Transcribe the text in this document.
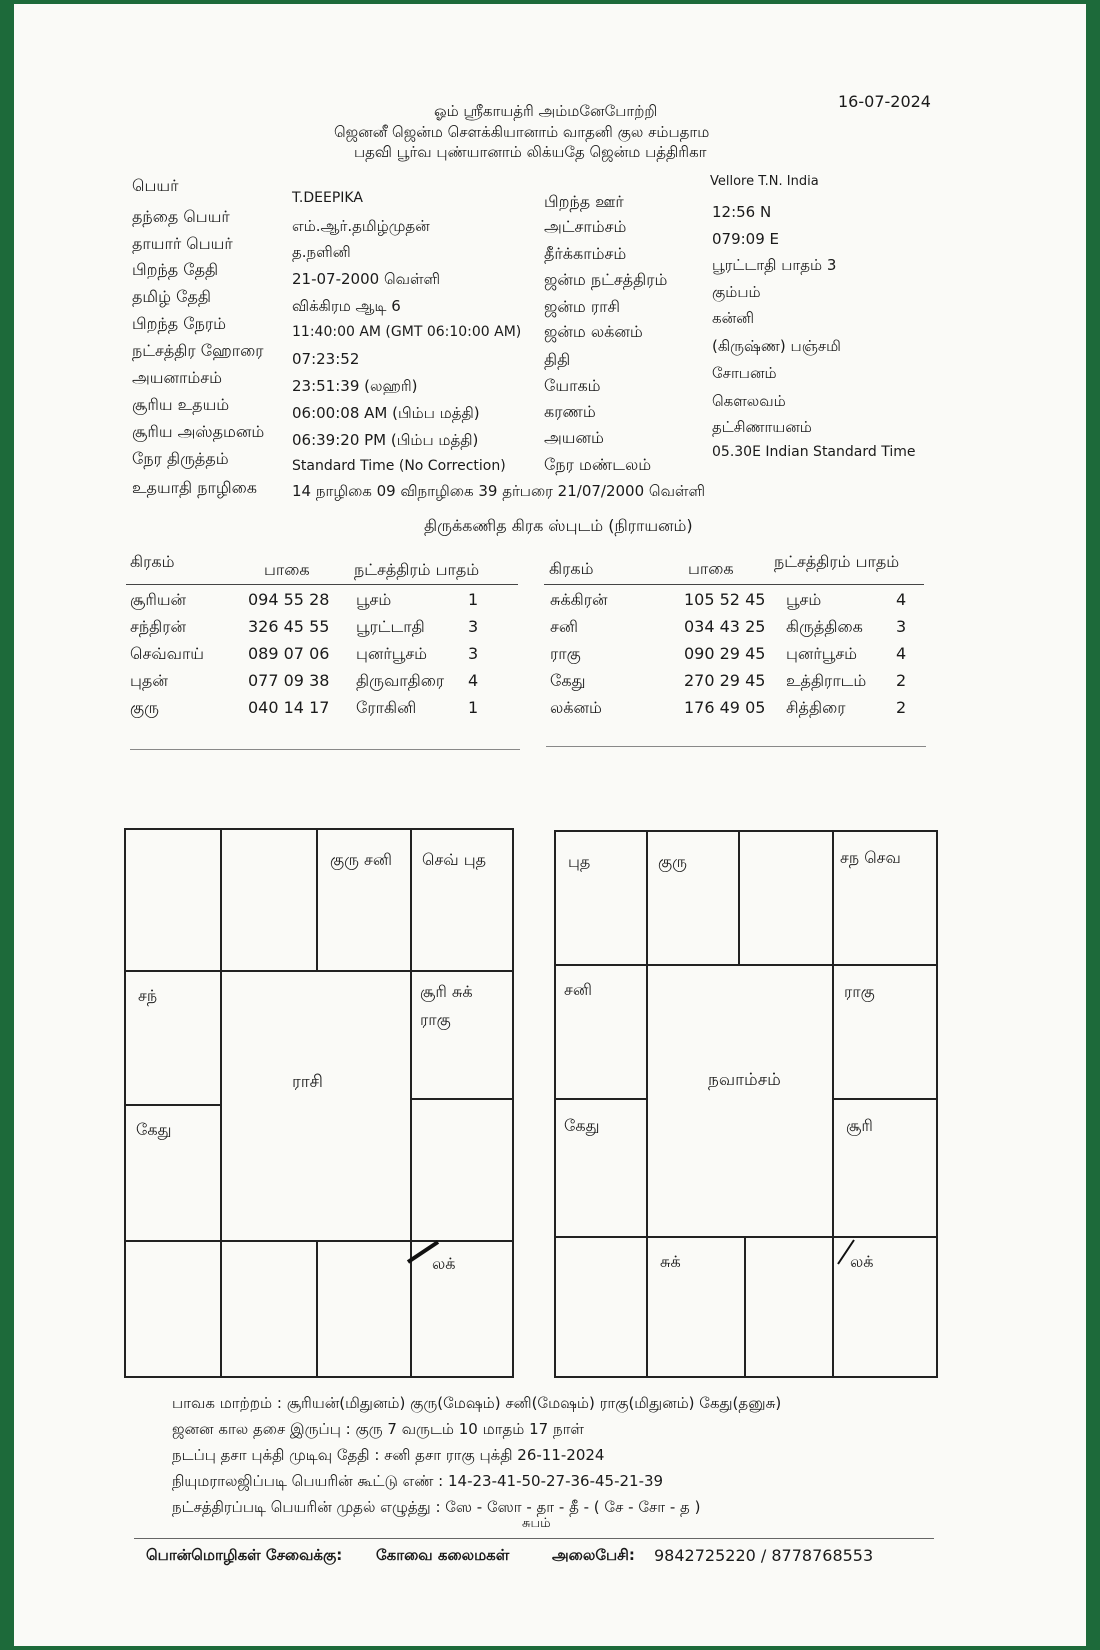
16-07-2024
ஓம் ஸ்ரீகாயத்ரி அம்மனேபோற்றி
ஜெனனீ ஜென்ம சௌக்கியானாம் வாதனி குல சம்பதாம
பதவி பூர்வ புண்யானாம் லிக்யதே ஜென்ம பத்திரிகா
பெயர்
T.DEEPIKA
தந்தை பெயர்	எம்.ஆர்.தமிழ்முதன்
தாயார் பெயர்	த.நளினி
பிறந்த தேதி	21-07-2000 வெள்ளி
தமிழ் தேதி	விக்கிரம ஆடி 6
பிறந்த நேரம்	11:40:00 AM (GMT 06:10:00 AM)
நட்சத்திர ஹோரை 07:23:52
அயனாம்சம்	23:51:39 (லஹரி)
சூரிய உதயம்	06:00:08 AM (பிம்ப மத்தி)
சூரிய அஸ்தமனம் 06:39:20 PM (பிம்ப மத்தி)
நேர திருத்தம்	Standard Time (No Correction)
உதயாதி நாழிகை 14 நாழிகை 09 விநாழிகை 39 தர்பரை 21/07/2000 வெள்ளி
பிறந்த ஊர்
Vellore T.N. India
அட்சாம்சம்
12:56 N
தீர்க்காம்சம்
079:09 E
ஜன்ம நட்சத்திரம்
பூரட்டாதி பாதம் 3
ஜன்ம ராசி
கும்பம்
ஜன்ம லக்னம்
கன்னி
திதி
(கிருஷ்ண) பஞ்சமி
யோகம்
சோபனம்
கரணம்
கௌலவம்
அயனம்
தட்சிணாயனம்
நேர மண்டலம்
05.30E Indian Standard Time
திருக்கணித கிரக ஸ்புடம் (நிராயனம்)
கிரகம்	பாகை	நட்சத்திரம் பாதம்
சூரியன்	094 55 28 பூசம்	1
சந்திரன்	326 45 55 பூரட்டாதி	3
செவ்வாய்	089 07 06 புனர்பூசம்	3
புதன்	077 09 38 திருவாதிரை 4
குரு	040 14 17 ரோகினி	1
கிரகம்	பாகை	நட்சத்திரம் பாதம்
சுக்கிரன்	105 52 45 பூசம்	4
சனி	034 43 25 கிருத்திகை 3
ராகு	090 29 45 புனர்பூசம் 4
கேது	270 29 45 உத்திராடம் 2
லக்னம்	176 49 05 சித்திரை	2
குரு சனி செவ் புத
சந்	சூரி சுக்
ராகு
ராசி
கேது
லக்
புத	குரு	சந செவ
சனி	ராகு
நவாம்சம்
கேது	சூரி
சுக்	லக்
பாவக மாற்றம் : சூரியன்(மிதுனம்) குரு(மேஷம்) சனி(மேஷம்) ராகு(மிதுனம்) கேது(தனுசு)
ஜனன கால தசை இருப்பு : குரு 7 வருடம் 10 மாதம் 17 நாள்
நடப்பு தசா புக்தி முடிவு தேதி : சனி தசா ராகு புக்தி 26-11-2024
நியுமராலஜிப்படி பெயரின் கூட்டு எண் : 14-23-41-50-27-36-45-21-39
நட்சத்திரப்படி பெயரின் முதல் எழுத்து : ஸே - ஸோ - தா - தீ - ( சே - சோ - த )
சுபம்
பொன்மொழிகள் சேவைக்கு: கோவை கலைமகள்	அலைபேசி: 9842725220 / 8778768553
